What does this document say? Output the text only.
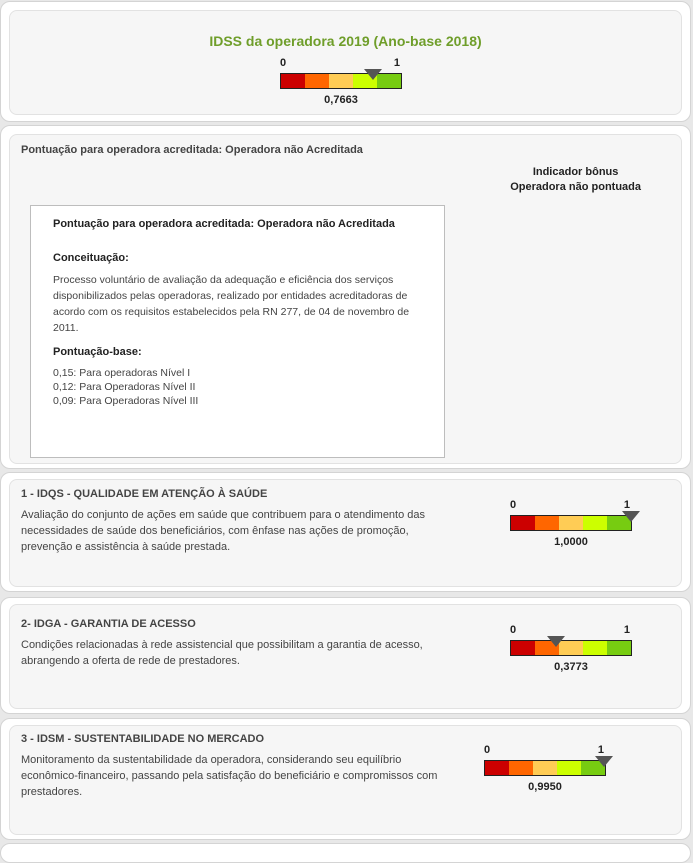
IDSS da operadora 2019 (Ano-base 2018)
0	1
0,7663
Pontuação para operadora acreditada: Operadora não Acreditada
Indicador bônus
Operadora não pontuada
Pontuação para operadora acreditada: Operadora não Acreditada
Conceituação:

Processo voluntário de avaliação da adequação e eficiência dos serviços disponibilizados pelas operadoras, realizado por entidades acreditadoras de acordo com os requisitos estabelecidos pela RN 277, de 04 de novembro de 2011.

Pontuação-base:
0,15: Para operadoras Nível I
0,12: Para Operadoras Nível II
0,09: Para Operadoras Nível III
1 - IDQS - QUALIDADE EM ATENÇÃO À SAÚDE
Avaliação do conjunto de ações em saúde que contribuem para o atendimento das necessidades de saúde dos beneficiários, com ênfase nas ações de promoção, prevenção e assistência à saúde prestada.
0	1
1,0000
2- IDGA - GARANTIA DE ACESSO
Condições relacionadas à rede assistencial que possibilitam a garantia de acesso, abrangendo a oferta de rede de prestadores.
0	1
0,3773
3 - IDSM - SUSTENTABILIDADE NO MERCADO
Monitoramento da sustentabilidade da operadora, considerando seu equilíbrio econômico-financeiro, passando pela satisfação do beneficiário e compromissos com prestadores.
0	1
0,9950
